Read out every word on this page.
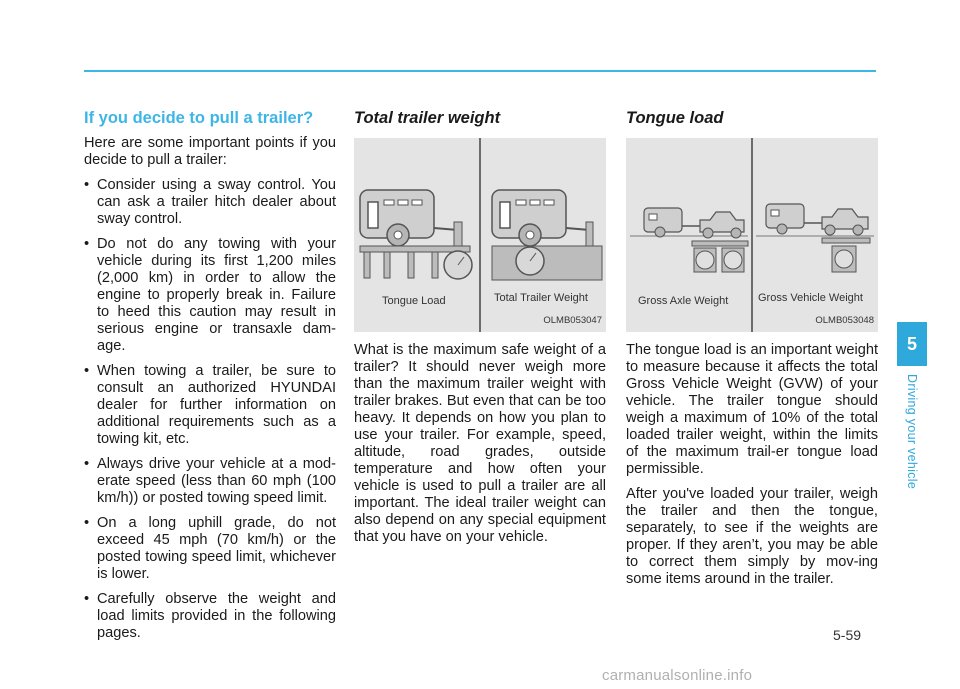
If you decide to pull a trailer?

Here are some important points if you decide to pull a trailer:

• Consider using a sway control. You can ask a trailer hitch dealer about sway control.
• Do not do any towing with your vehicle during its first 1,200 miles (2,000 km) in order to allow the engine to properly break in. Failure to heed this caution may result in serious engine or transaxle dam-age.
• When towing a trailer, be sure to consult an authorized HYUNDAI dealer for further information on additional requirements such as a towing kit, etc.
• Always drive your vehicle at a mod-erate speed (less than 60 mph (100 km/h)) or posted towing speed limit.
• On a long uphill grade, do not exceed 45 mph (70 km/h) or the posted towing speed limit, whichever is lower.
• Carefully observe the weight and load limits provided in the following pages.
Total trailer weight
Tongue Load	Total Trailer Weight
OLMB053047

What is the maximum safe weight of a trailer? It should never weigh more than the maximum trailer weight with trailer brakes. But even that can be too heavy. It depends on how you plan to use your trailer. For example, speed, altitude, road grades, outside temperature and how often your vehicle is used to pull a trailer are all important. The ideal trailer weight can also depend on any special equipment that you have on your vehicle.

Tongue load
Gross Axle Weight	Gross Vehicle Weight
OLMB053048

The tongue load is an important weight to measure because it affects the total Gross Vehicle Weight (GVW) of your vehicle. The trailer tongue should weigh a maximum of 10% of the total loaded trailer weight, within the limits of the maximum trail-er tongue load permissible.

After you've loaded your trailer, weigh the trailer and then the tongue, separately, to see if the weights are proper. If they aren’t, you may be able to correct them simply by mov-ing some items around in the trailer.

5
Driving your vehicle
5-59
carmanualsonline.info
